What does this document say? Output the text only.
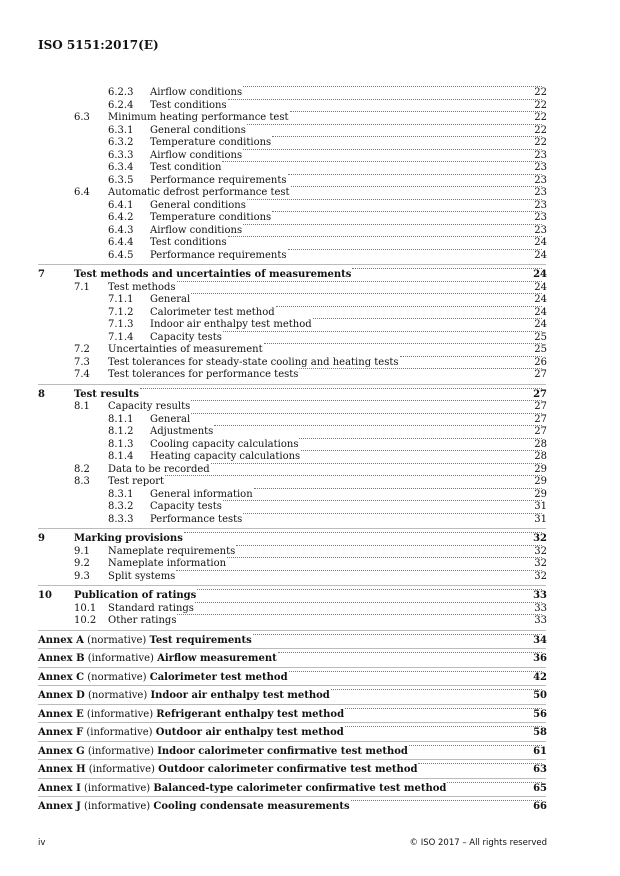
ISO 5151:2017(E)
6.2.3 Airflow conditions	22
6.2.4 Test conditions	22
6.3 Minimum heating performance test	22
6.3.1 General conditions	22
6.3.2 Temperature conditions	22
6.3.3 Airflow conditions	23
6.3.4 Test condition	23
6.3.5 Performance requirements	23
6.4 Automatic defrost performance test	23
6.4.1 General conditions	23
6.4.2 Temperature conditions	23
6.4.3 Airflow conditions	23
6.4.4 Test conditions	24
6.4.5 Performance requirements	24
7	Test methods and uncertainties of measurements	24
7.1 Test methods	24
7.1.1 General	24
7.1.2 Calorimeter test method	24
7.1.3 Indoor air enthalpy test method	24
7.1.4 Capacity tests	25
7.2 Uncertainties of measurement	25
7.3 Test tolerances for steady-state cooling and heating tests	26
7.4 Test tolerances for performance tests	27
8	Test results	27
8.1 Capacity results	27
8.1.1 General	27
8.1.2 Adjustments	27
8.1.3 Cooling capacity calculations	28
8.1.4 Heating capacity calculations	28
8.2 Data to be recorded	29
8.3 Test report	29
8.3.1 General information	29
8.3.2 Capacity tests	31
8.3.3 Performance tests	31
9	Marking provisions	32
9.1 Nameplate requirements	32
9.2 Nameplate information	32
9.3 Split systems	32
10 Publication of ratings	33
10.1 Standard ratings	33
10.2 Other ratings	33
Annex A (normative) Test requirements	34
Annex B (informative) Airflow measurement	36
Annex C (normative) Calorimeter test method	42
Annex D (normative) Indoor air enthalpy test method	50
Annex E (informative) Refrigerant enthalpy test method	56
Annex F (informative) Outdoor air enthalpy test method	58
Annex G (informative) Indoor calorimeter confirmative test method	61
Annex H (informative) Outdoor calorimeter confirmative test method	63
Annex I (informative) Balanced-type calorimeter confirmative test method	65
Annex J (informative) Cooling condensate measurements	66
iv	© ISO 2017 – All rights reserved
